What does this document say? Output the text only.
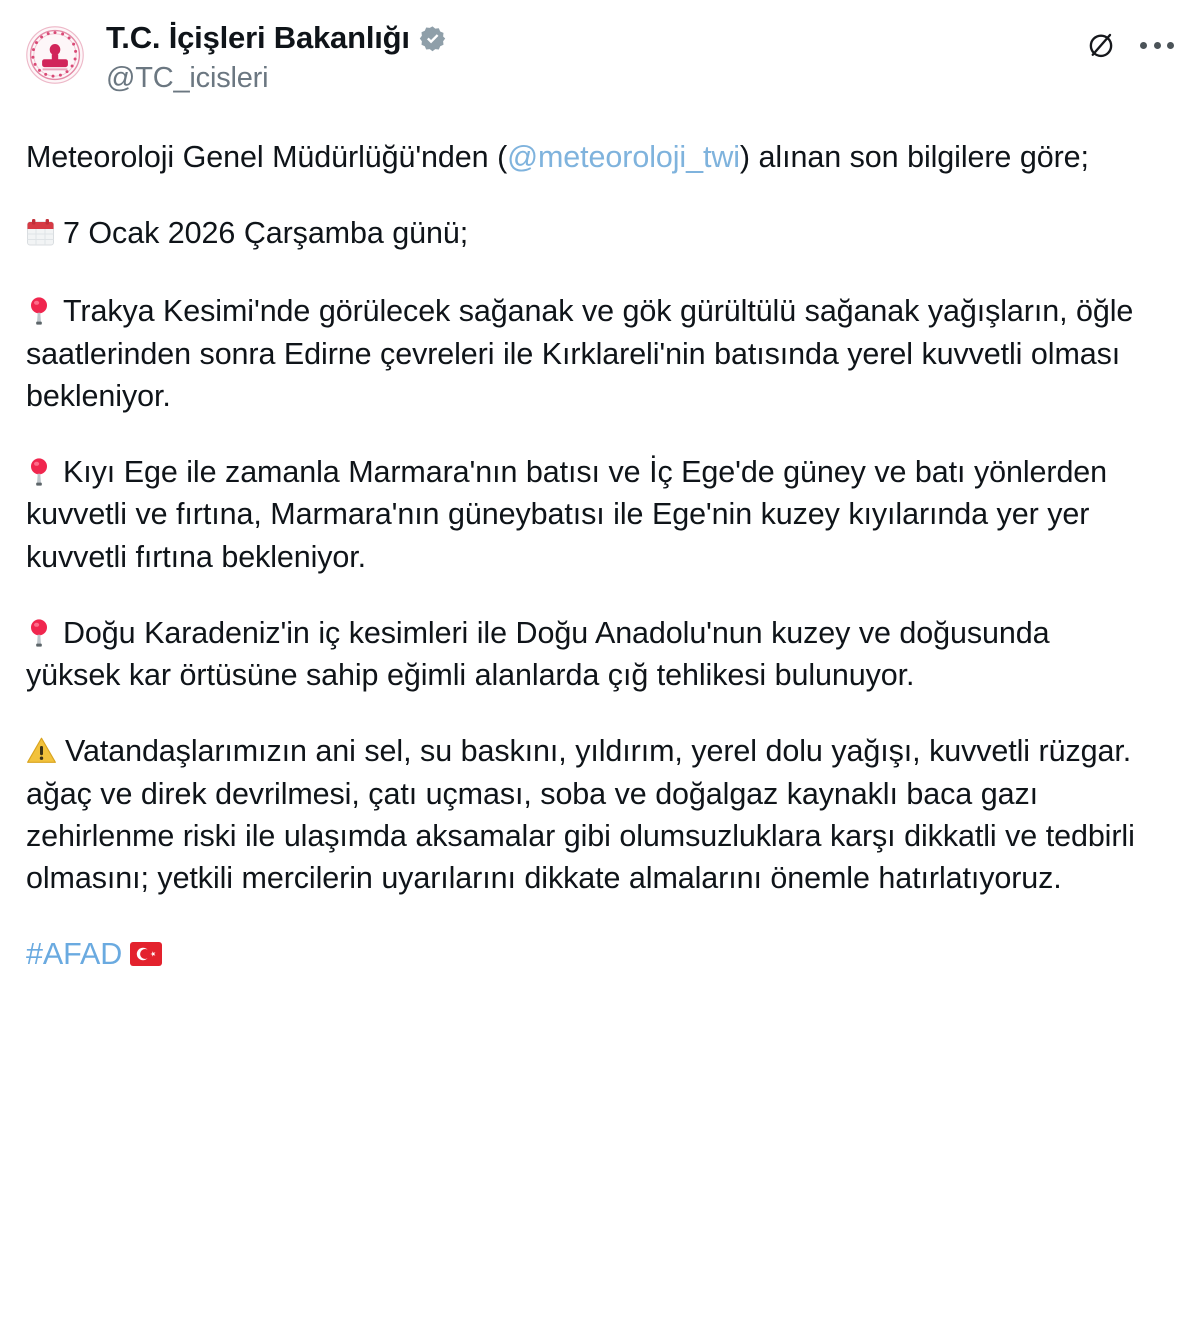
T.C. İçişleri Bakanlığı
@TC_icisleri

Meteoroloji Genel Müdürlüğü'nden (@meteoroloji_twi) alınan son bilgilere göre;

7 Ocak 2026 Çarşamba günü;

Trakya Kesimi'nde görülecek sağanak ve gök gürültülü sağanak yağışların, öğle saatlerinden sonra Edirne çevreleri ile Kırklareli'nin batısında yerel kuvvetli olması bekleniyor.

Kıyı Ege ile zamanla Marmara'nın batısı ve İç Ege'de güney ve batı yönlerden kuvvetli ve fırtına, Marmara'nın güneybatısı ile Ege'nin kuzey kıyılarında yer yer kuvvetli fırtına bekleniyor.

Doğu Karadeniz'in iç kesimleri ile Doğu Anadolu'nun kuzey ve doğusunda yüksek kar örtüsüne sahip eğimli alanlarda çığ tehlikesi bulunuyor.

Vatandaşlarımızın ani sel, su baskını, yıldırım, yerel dolu yağışı, kuvvetli rüzgar. ağaç ve direk devrilmesi, çatı uçması, soba ve doğalgaz kaynaklı baca gazı zehirlenme riski ile ulaşımda aksamalar gibi olumsuzluklara karşı dikkatli ve tedbirli olmasını; yetkili mercilerin uyarılarını dikkate almalarını önemle hatırlatıyoruz.

#AFAD
